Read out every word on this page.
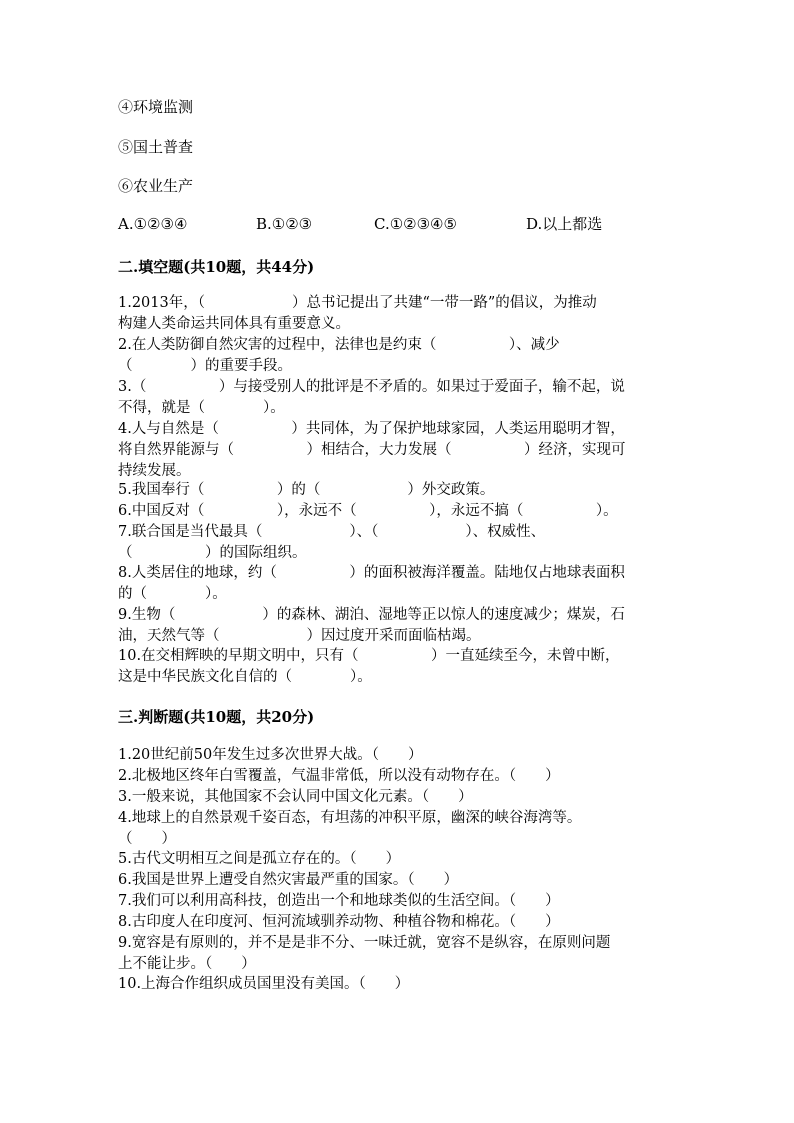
④环境监测
⑤国土普查
⑥农业生产
A.①②③④	B.①②③	C.①②③④⑤	D.以上都选
二.填空题(共10题，共44分)
1.2013年，（　　　　　　）总书记提出了共建“一带一路”的倡议，为推动
构建人类命运共同体具有重要意义。
2.在人类防御自然灾害的过程中，法律也是约束（　　　　　）、减少
（　　　　）的重要手段。
3.（　　　　　）与接受别人的批评是不矛盾的。如果过于爱面子，输不起，说
不得，就是（　　　　）。
4.人与自然是（　　　　　）共同体，为了保护地球家园，人类运用聪明才智，
将自然界能源与（　　　　　）相结合，大力发展（　　　　　）经济，实现可
持续发展。
5.我国奉行（　　　　　）的（　　　　　　）外交政策。
6.中国反对（　　　　　），永远不（　　　　　），永远不搞（　　　　　）。
7.联合国是当代最具（　　　　　　）、（　　　　　　）、权威性、
（　　　　　）的国际组织。
8.人类居住的地球，约（　　　　　）的面积被海洋覆盖。陆地仅占地球表面积
的（　　　　）。
9.生物（　　　　　　）的森林、湖泊、湿地等正以惊人的速度减少；煤炭，石
油，天然气等（　　　　　　）因过度开采而面临枯竭。
10.在交相辉映的早期文明中，只有（　　　　　）一直延续至今，未曾中断，
这是中华民族文化自信的（　　　　）。
三.判断题(共10题，共20分)
1.20世纪前50年发生过多次世界大战。（　　）
2.北极地区终年白雪覆盖，气温非常低，所以没有动物存在。（　　）
3.一般来说，其他国家不会认同中国文化元素。（　　）
4.地球上的自然景观千姿百态，有坦荡的冲积平原，幽深的峡谷海湾等。
（　　）
5.古代文明相互之间是孤立存在的。（　　）
6.我国是世界上遭受自然灾害最严重的国家。（　　）
7.我们可以利用高科技，创造出一个和地球类似的生活空间。（　　）
8.古印度人在印度河、恒河流域驯养动物、种植谷物和棉花。（　　）
9.宽容是有原则的，并不是是非不分、一味迁就，宽容不是纵容，在原则问题
上不能让步。（　　）
10.上海合作组织成员国里没有美国。（　　）
